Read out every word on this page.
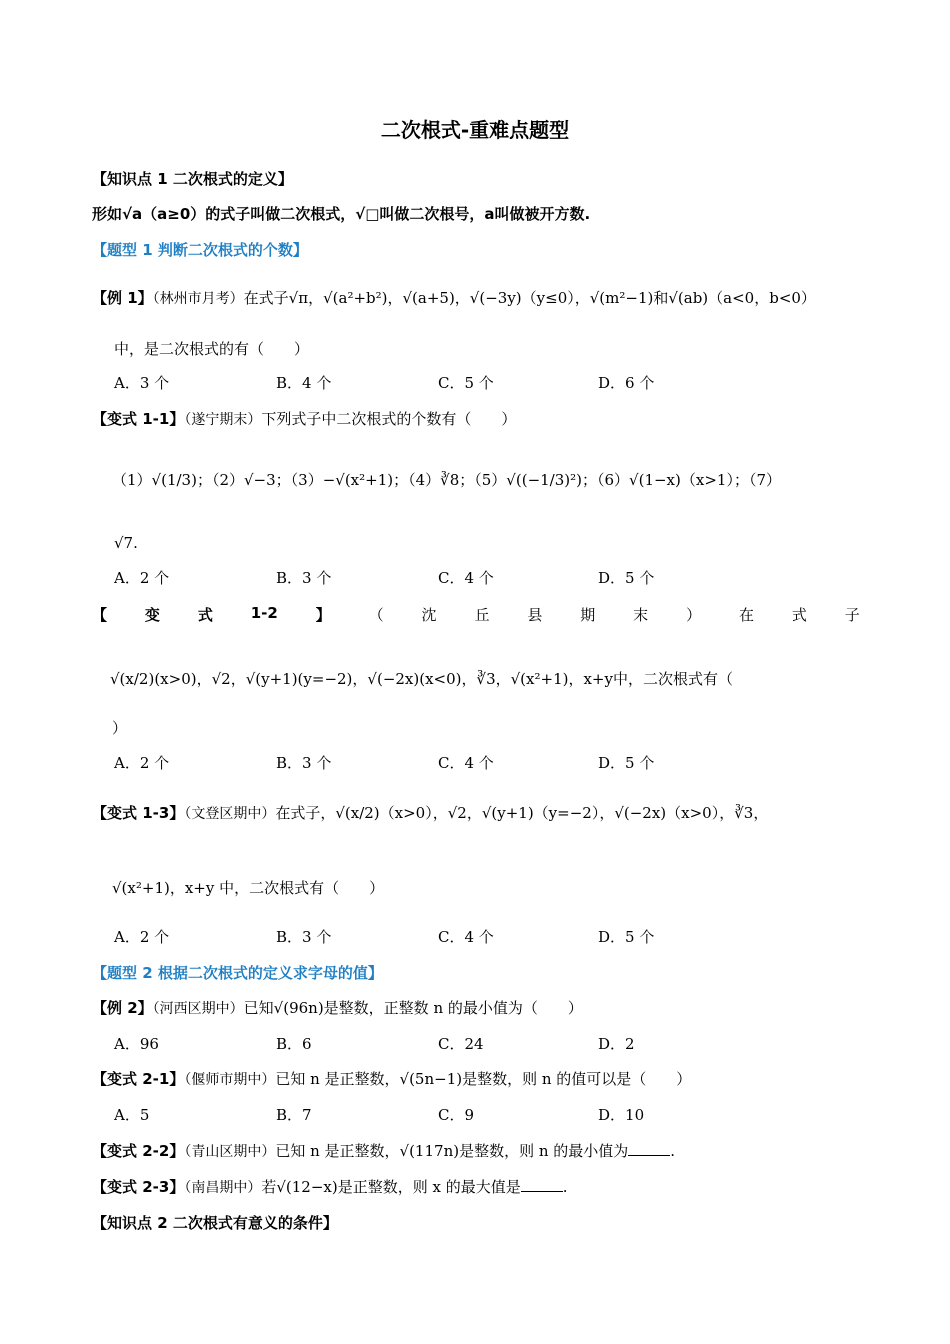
二次根式-重难点题型
【知识点 1 二次根式的定义】
形如√a（a≥0）的式子叫做二次根式，√□叫做二次根号，a叫做被开方数.
【题型 1 判断二次根式的个数】
【例 1】（林州市月考）在式子√π，√(a²+b²)，√(a+5)，√(−3y)（y≤0），√(m²−1)和√(ab)（a<0，b<0）
中，是二次根式的有（　　）
A．3 个	B．4 个	C．5 个	D．6 个
【变式 1-1】（遂宁期末）下列式子中二次根式的个数有（　　）
（1）√(1/3)；（2）√−3；（3）−√(x²+1)；（4）∛8；（5）√((−1/3)²)；（6）√(1−x)（x>1）；（7）
√7.
A．2 个	B．3 个	C．4 个	D．5 个
【	变	式	1-2	】	（	沈	丘	县	期	末	）	在	式	子
√(x/2)(x>0)，√2，√(y+1)(y=−2)，√(−2x)(x<0)，∛3，√(x²+1)，x+y中，二次根式有（
）
A．2 个	B．3 个	C．4 个	D．5 个
【变式 1-3】（文登区期中）在式子，√(x/2)（x>0），√2，√(y+1)（y=−2），√(−2x)（x>0），∛3，
√(x²+1)，x+y 中，二次根式有（　　）
A．2 个	B．3 个	C．4 个	D．5 个
【题型 2 根据二次根式的定义求字母的值】
【例 2】（河西区期中）已知√(96n)是整数，正整数 n 的最小值为（　　）
A．96	B．6	C．24	D．2
【变式 2-1】（偃师市期中）已知 n 是正整数，√(5n−1)是整数，则 n 的值可以是（　　）
A．5	B．7	C．9	D．10
【变式 2-2】（青山区期中）已知 n 是正整数，√(117n)是整数，则 n 的最小值为	.
【变式 2-3】（南昌期中）若√(12−x)是正整数，则 x 的最大值是	.
【知识点 2 二次根式有意义的条件】
